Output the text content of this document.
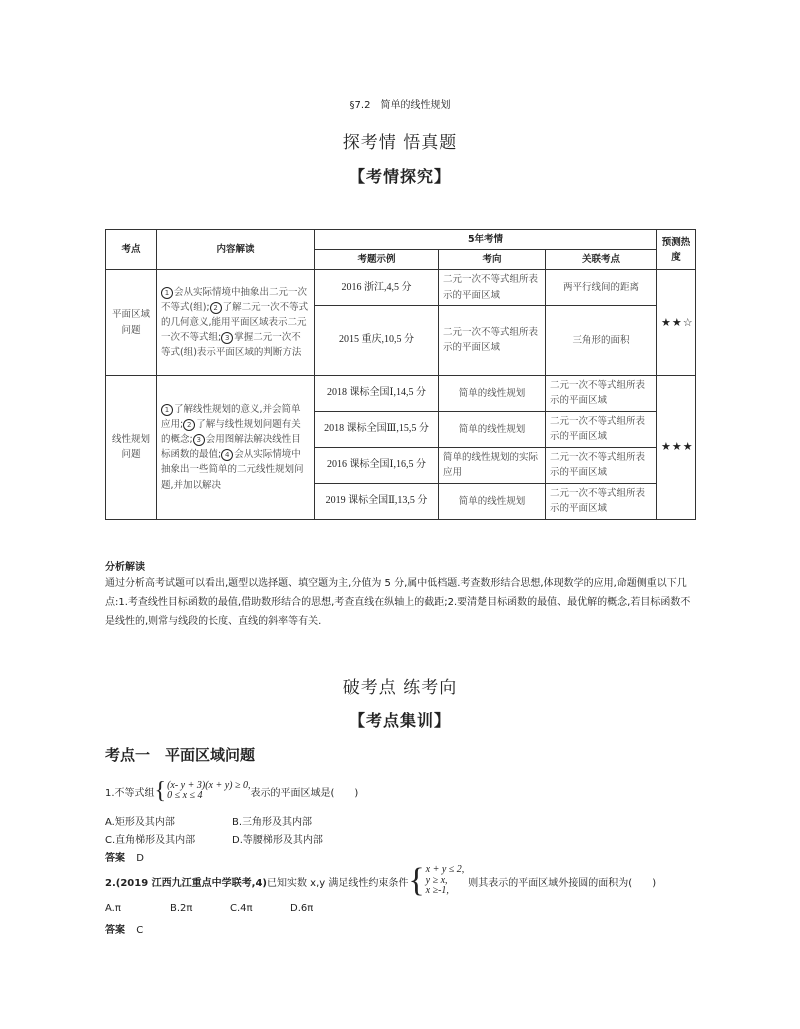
§7.2　简单的线性规划
探考情 悟真题
【考情探究】
考点	内容解读	5年考情			预测热度
		考题示例	考向	关联考点	
平面区域问题	1 会从实际情境中抽象出二元一次不等式(组); 2 了解二元一次不等式的几何意义,能用平面区域表示二元一次不等式组; 3 掌握二元一次不等式(组)表示平面区域的判断方法	2016 浙江,4,5 分	二元一次不等式组所表示的平面区域	两平行线间的距离	★★☆
		2015 重庆,10,5 分	二元一次不等式组所表示的平面区域	三角形的面积	
线性规划问题	1 了解线性规划的意义,并会简单应用; 2 了解与线性规划问题有关的概念; 3 会用图解法解决线性目标函数的最值; 4 会从实际情境中抽象出一些简单的二元线性规划问题,并加以解决	2018 课标全国Ⅰ,14,5 分	简单的线性规划	二元一次不等式组所表示的平面区域	★★★
		2018 课标全国Ⅲ,15,5 分	简单的线性规划	二元一次不等式组所表示的平面区域	
		2016 课标全国Ⅰ,16,5 分	简单的线性规划的实际应用	二元一次不等式组所表示的平面区域	
		2019 课标全国Ⅱ,13,5 分	简单的线性规划	二元一次不等式组所表示的平面区域	
分析解读
通过分析高考试题可以看出,题型以选择题、填空题为主,分值为 5 分,属中低档题.考查数形结合思想,体现数学的应用,命题侧重以下几点:1.考查线性目标函数的最值,借助数形结合的思想,考查直线在纵轴上的截距;2.要清楚目标函数的最值、最优解的概念,若目标函数不是线性的,则常与线段的长度、直线的斜率等有关.
破考点 练考向
【考点集训】
考点一　平面区域问题
1.不等式组 { (x- y + 3)(x + y) ≥ 0,
0 ≤ x ≤ 4	表示的平面区域是(　　)
A.矩形及其内部	B.三角形及其内部
C.直角梯形及其内部	D.等腰梯形及其内部
答案 D
2.(2019 江西九江重点中学联考,4) 已知实数 x,y 满足线性约束条件 { x + y ≤ 2,
y ≥ x,
x ≥-1,
则其表示的平面区域外接圆的面积为(　　)
A.π	B.2π	C.4π	D.6π
答案 C
